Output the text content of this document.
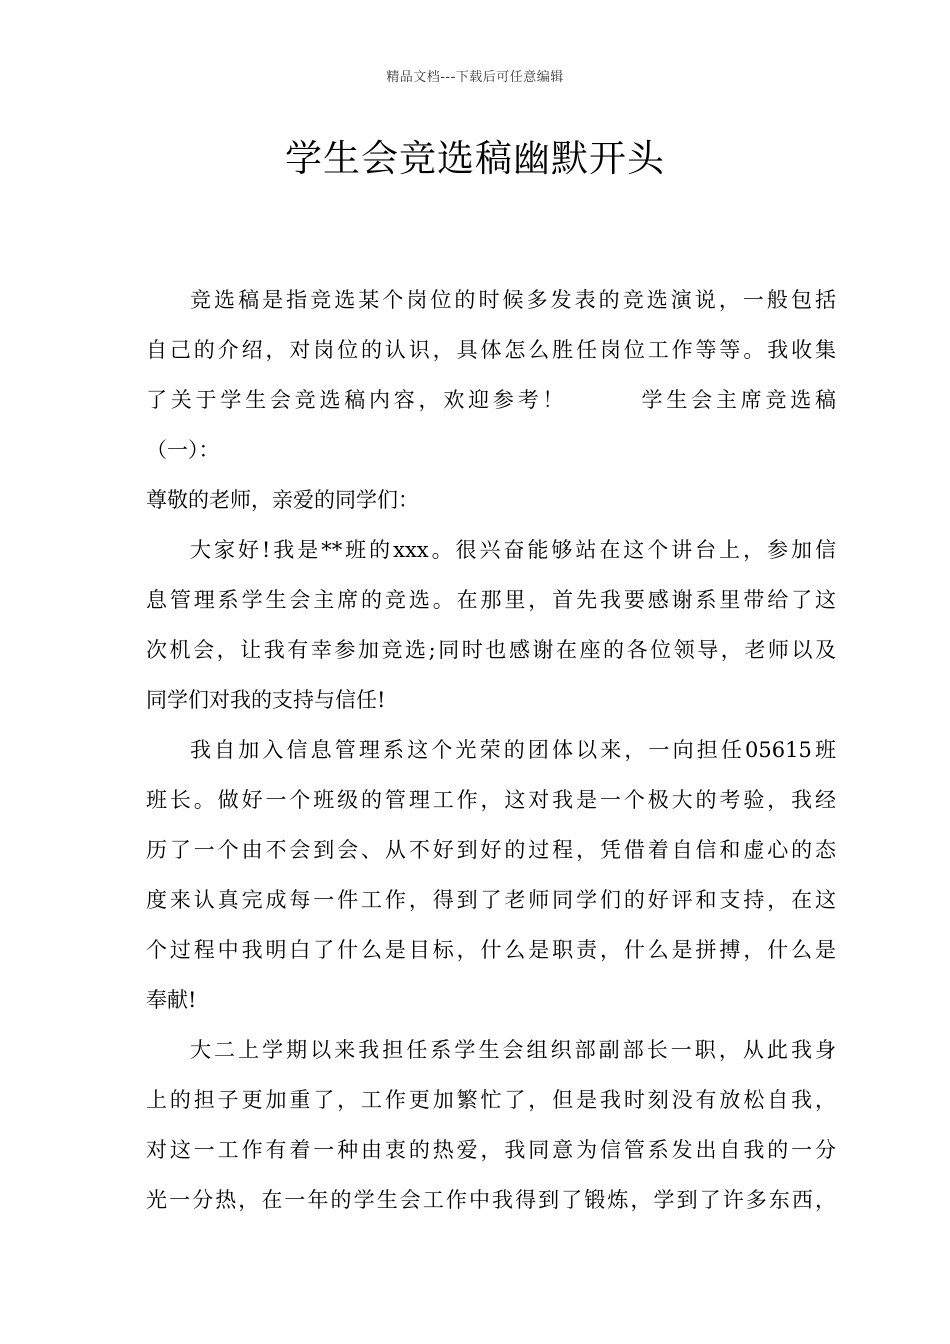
精品文档---下载后可任意编辑
学生会竞选稿幽默开头
竞选稿是指竞选某个岗位的时候多发表的竞选演说，一般包括
自己的介绍，对岗位的认识，具体怎么胜任岗位工作等等。我收集
了关于学生会竞选稿内容，欢迎参考！　　　学生会主席竞选稿
（一）：
尊敬的老师，亲爱的同学们：
大家好!我是**班的xxx。很兴奋能够站在这个讲台上，参加信
息管理系学生会主席的竞选。在那里，首先我要感谢系里带给了这
次机会，让我有幸参加竞选;同时也感谢在座的各位领导，老师以及
同学们对我的支持与信任!
我自加入信息管理系这个光荣的团体以来，一向担任05615班
班长。做好一个班级的管理工作，这对我是一个极大的考验，我经
历了一个由不会到会、从不好到好的过程，凭借着自信和虚心的态
度来认真完成每一件工作，得到了老师同学们的好评和支持，在这
个过程中我明白了什么是目标，什么是职责，什么是拼搏，什么是
奉献!
大二上学期以来我担任系学生会组织部副部长一职，从此我身
上的担子更加重了，工作更加繁忙了，但是我时刻没有放松自我，
对这一工作有着一种由衷的热爱，我同意为信管系发出自我的一分
光一分热，在一年的学生会工作中我得到了锻炼，学到了许多东西，
